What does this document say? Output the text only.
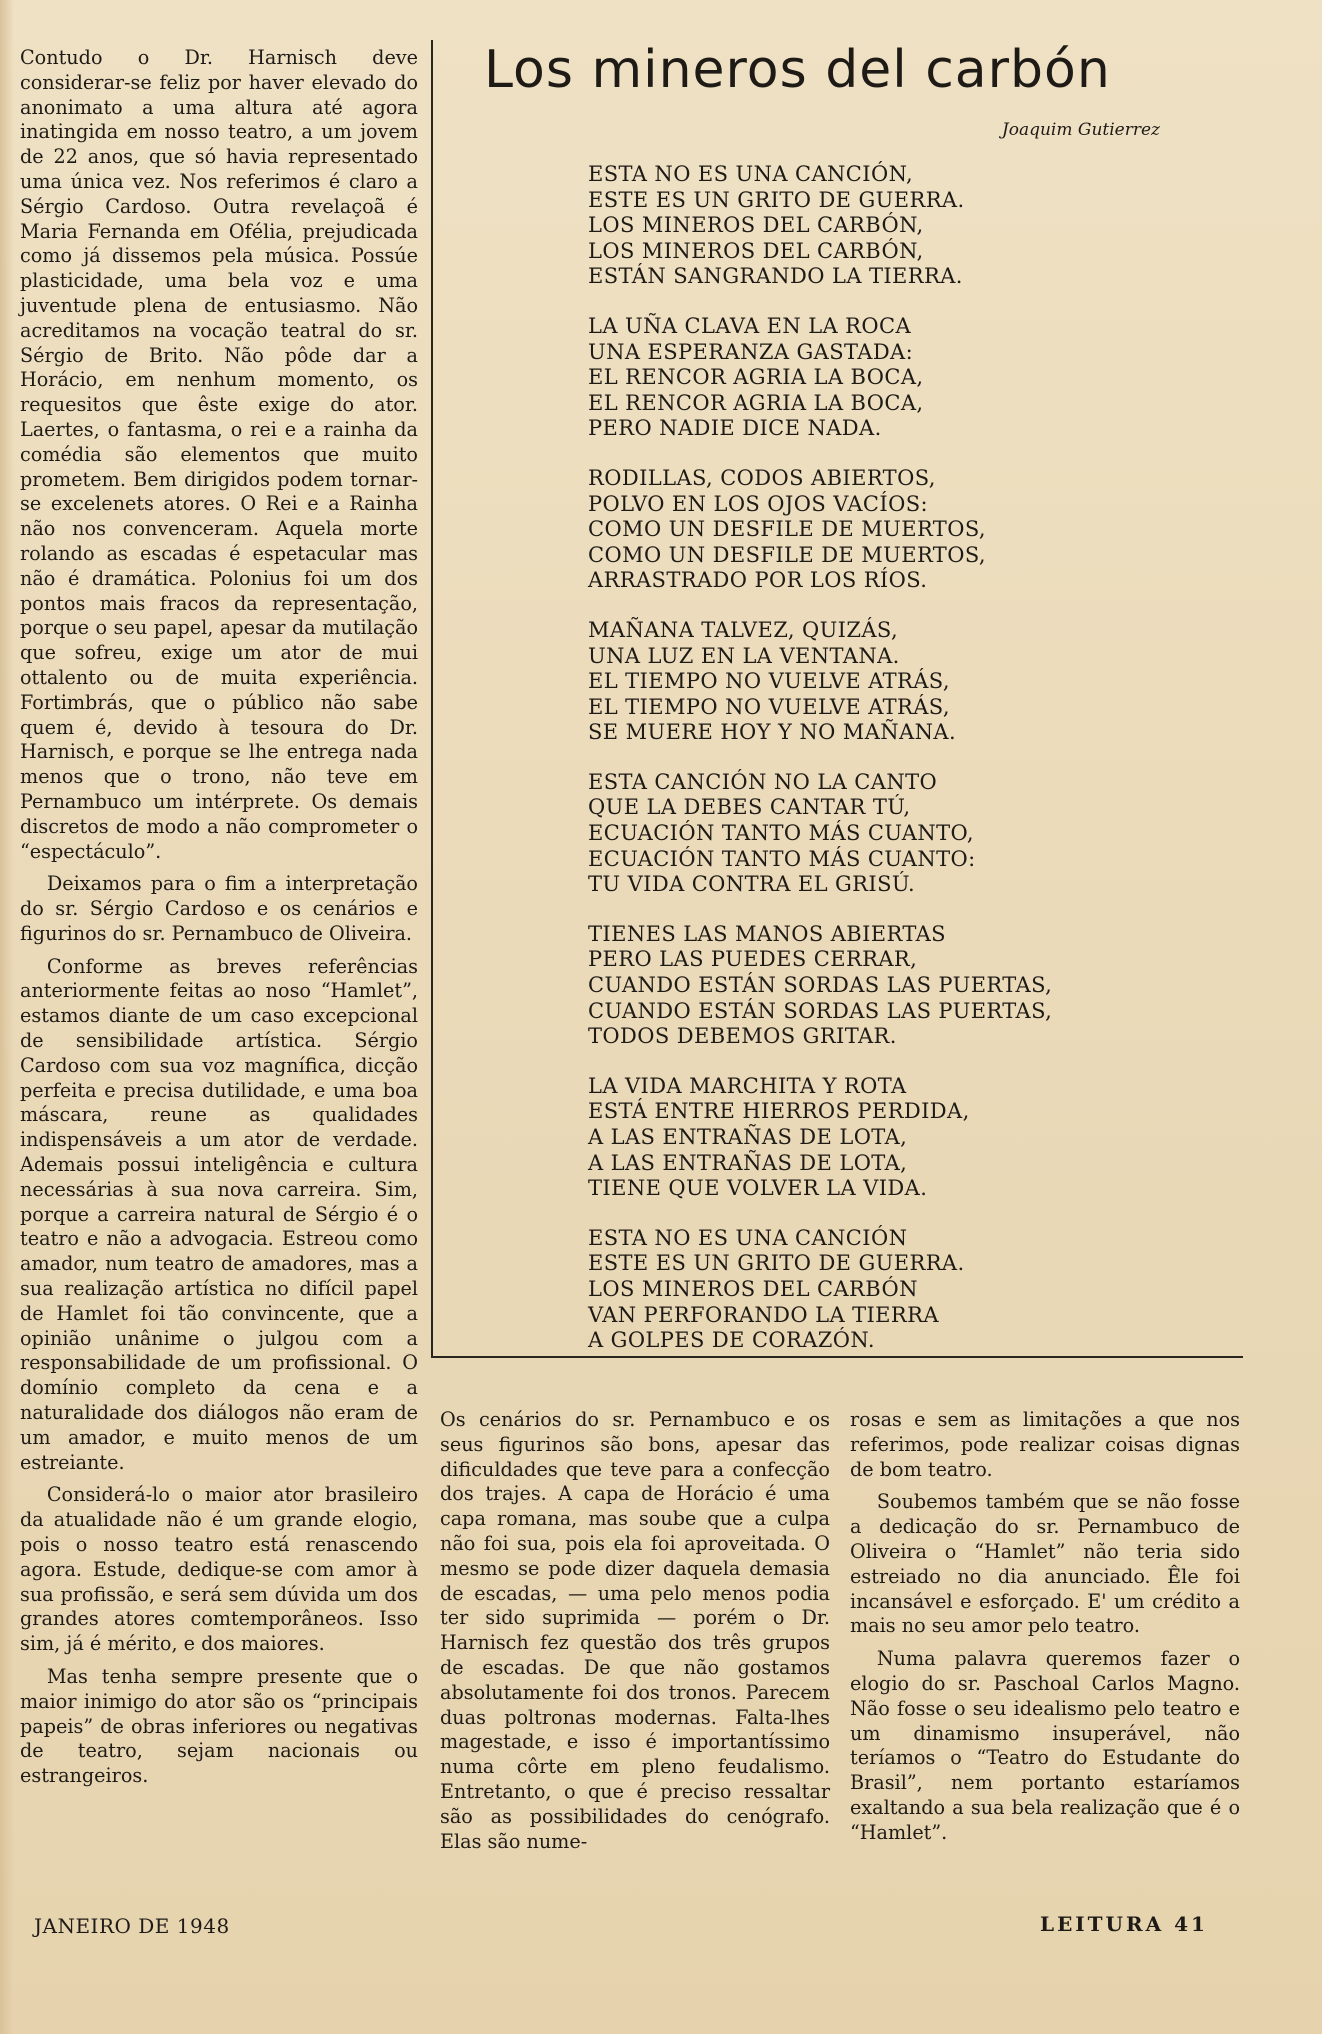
Contudo o Dr. Harnisch deve considerar-se feliz por haver elevado do anonimato a uma altura até agora inatingida em nosso teatro, a um jovem de 22 anos, que só havia representado uma única vez. Nos referimos é claro a Sérgio Cardoso. Outra revelaçoã é Maria Fernanda em Ofélia, prejudicada como já dissemos pela música. Possúe plasticidade, uma bela voz e uma juventude plena de entusiasmo. Não acreditamos na vocação teatral do sr. Sérgio de Brito. Não pôde dar a Horácio, em nenhum momento, os requesitos que êste exige do ator. Laertes, o fantasma, o rei e a rainha da comédia são elementos que muito prometem. Bem dirigidos podem tornar-se excelenets atores. O Rei e a Rainha não nos convenceram. Aquela morte rolando as escadas é espetacular mas não é dramática. Polonius foi um dos pontos mais fracos da representação, porque o seu papel, apesar da mutilação que sofreu, exige um ator de mui ottalento ou de muita experiência. Fortimbrás, que o público não sabe quem é, devido à tesoura do Dr. Harnisch, e porque se lhe entrega nada menos que o trono, não teve em Pernambuco um intérprete. Os demais discretos de modo a não comprometer o “espectáculo”.

Deixamos para o fim a interpretação do sr. Sérgio Cardoso e os cenários e figurinos do sr. Pernambuco de Oliveira.

Conforme as breves referências anteriormente feitas ao noso “Hamlet”, estamos diante de um caso excepcional de sensibilidade artística. Sérgio Cardoso com sua voz magnífica, dicção perfeita e precisa dutilidade, e uma boa máscara, reune as qualidades indispensáveis a um ator de verdade. Ademais possui inteligência e cultura necessárias à sua nova carreira. Sim, porque a carreira natural de Sérgio é o teatro e não a advogacia. Estreou como amador, num teatro de amadores, mas a sua realização artística no difícil papel de Hamlet foi tão convincente, que a opinião unânime o julgou com a responsabilidade de um profissional. O domínio completo da cena e a naturalidade dos diálogos não eram de um amador, e muito menos de um estreiante.

Considerá-lo o maior ator brasileiro da atualidade não é um grande elogio, pois o nosso teatro está renascendo agora. Estude, dedique-se com amor à sua profissão, e será sem dúvida um dos grandes atores comtemporâneos. Isso sim, já é mérito, e dos maiores.

Mas tenha sempre presente que o maior inimigo do ator são os “principais papeis” de obras inferiores ou negativas de teatro, sejam nacionais ou estrangeiros.

Los mineros del carbón
Joaquim Gutierrez
ESTA NO ES UNA CANCIÓN,
ESTE ES UN GRITO DE GUERRA.
LOS MINEROS DEL CARBÓN,
LOS MINEROS DEL CARBÓN,
ESTÁN SANGRANDO LA TIERRA.
LA UÑA CLAVA EN LA ROCA
UNA ESPERANZA GASTADA:
EL RENCOR AGRIA LA BOCA,
EL RENCOR AGRIA LA BOCA,
PERO NADIE DICE NADA.
RODILLAS, CODOS ABIERTOS,
POLVO EN LOS OJOS VACÍOS:
COMO UN DESFILE DE MUERTOS,
COMO UN DESFILE DE MUERTOS,
ARRASTRADO POR LOS RÍOS.
MAÑANA TALVEZ, QUIZÁS,
UNA LUZ EN LA VENTANA.
EL TIEMPO NO VUELVE ATRÁS,
EL TIEMPO NO VUELVE ATRÁS,
SE MUERE HOY Y NO MAÑANA.
ESTA CANCIÓN NO LA CANTO
QUE LA DEBES CANTAR TÚ,
ECUACIÓN TANTO MÁS CUANTO,
ECUACIÓN TANTO MÁS CUANTO:
TU VIDA CONTRA EL GRISÚ.
TIENES LAS MANOS ABIERTAS
PERO LAS PUEDES CERRAR,
CUANDO ESTÁN SORDAS LAS PUERTAS,
CUANDO ESTÁN SORDAS LAS PUERTAS,
TODOS DEBEMOS GRITAR.
LA VIDA MARCHITA Y ROTA
ESTÁ ENTRE HIERROS PERDIDA,
A LAS ENTRAÑAS DE LOTA,
A LAS ENTRAÑAS DE LOTA,
TIENE QUE VOLVER LA VIDA.
ESTA NO ES UNA CANCIÓN
ESTE ES UN GRITO DE GUERRA.
LOS MINEROS DEL CARBÓN
VAN PERFORANDO LA TIERRA
A GOLPES DE CORAZÓN.

Os cenários do sr. Pernambuco e os seus figurinos são bons, apesar das dificuldades que teve para a confecção dos trajes. A capa de Horácio é uma capa romana, mas soube que a culpa não foi sua, pois ela foi aproveitada. O mesmo se pode dizer daquela demasia de escadas, — uma pelo menos podia ter sido suprimida — porém o Dr. Harnisch fez questão dos três grupos de escadas. De que não gostamos absolutamente foi dos tronos. Parecem duas poltronas modernas. Falta-lhes magestade, e isso é importantíssimo numa côrte em pleno feudalismo. Entretanto, o que é preciso ressaltar são as possibilidades do cenógrafo. Elas são nume-

rosas e sem as limitações a que nos referimos, pode realizar coisas dignas de bom teatro.

Soubemos também que se não fosse a dedicação do sr. Pernambuco de Oliveira o “Hamlet” não teria sido estreiado no dia anunciado. Êle foi incansável e esforçado. E' um crédito a mais no seu amor pelo teatro.

Numa palavra queremos fazer o elogio do sr. Paschoal Carlos Magno. Não fosse o seu idealismo pelo teatro e um dinamismo insuperável, não teríamos o “Teatro do Estudante do Brasil”, nem portanto estaríamos exaltando a sua bela realização que é o “Hamlet”.

JANEIRO DE 1948	LEITURA 41
